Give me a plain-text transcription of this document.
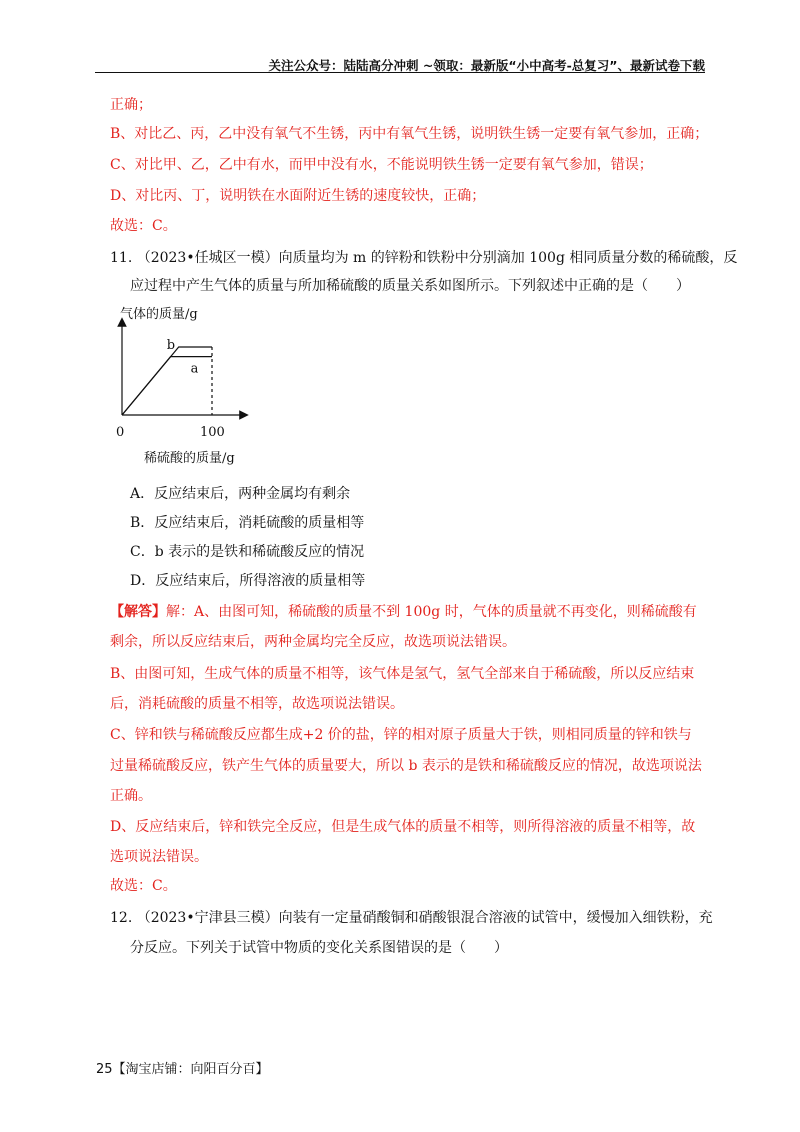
关注公众号：陆陆高分冲刺 ~领取：最新版“小中高考-总复习”、最新试卷下载
正确；
B、对比乙、丙，乙中没有氧气不生锈，丙中有氧气生锈，说明铁生锈一定要有氧气参加，正确；
C、对比甲、乙，乙中有水，而甲中没有水，不能说明铁生锈一定要有氧气参加，错误；
D、对比丙、丁，说明铁在水面附近生锈的速度较快，正确；
故选：C。
11. （2023•任城区一模）向质量均为 m 的锌粉和铁粉中分别滴加 100g 相同质量分数的稀硫酸，反
应过程中产生气体的质量与所加稀硫酸的质量关系如图所示。下列叙述中正确的是（　　）
气体的质量/g
0	100
稀硫酸的质量/g
b
a
A．反应结束后，两种金属均有剩余
B．反应结束后，消耗硫酸的质量相等
C．b 表示的是铁和稀硫酸反应的情况
D．反应结束后，所得溶液的质量相等
【解答】解：A、由图可知，稀硫酸的质量不到 100g 时，气体的质量就不再变化，则稀硫酸有
剩余，所以反应结束后，两种金属均完全反应，故选项说法错误。
B、由图可知，生成气体的质量不相等，该气体是氢气，氢气全部来自于稀硫酸，所以反应结束
后，消耗硫酸的质量不相等，故选项说法错误。
C、锌和铁与稀硫酸反应都生成+2 价的盐，锌的相对原子质量大于铁，则相同质量的锌和铁与
过量稀硫酸反应，铁产生气体的质量要大，所以 b 表示的是铁和稀硫酸反应的情况，故选项说法
正确。
D、反应结束后，锌和铁完全反应，但是生成气体的质量不相等，则所得溶液的质量不相等，故
选项说法错误。
故选：C。
12. （2023•宁津县三模）向装有一定量硝酸铜和硝酸银混合溶液的试管中，缓慢加入细铁粉，充
分反应。下列关于试管中物质的变化关系图错误的是（　　）
25【淘宝店铺：向阳百分百】
